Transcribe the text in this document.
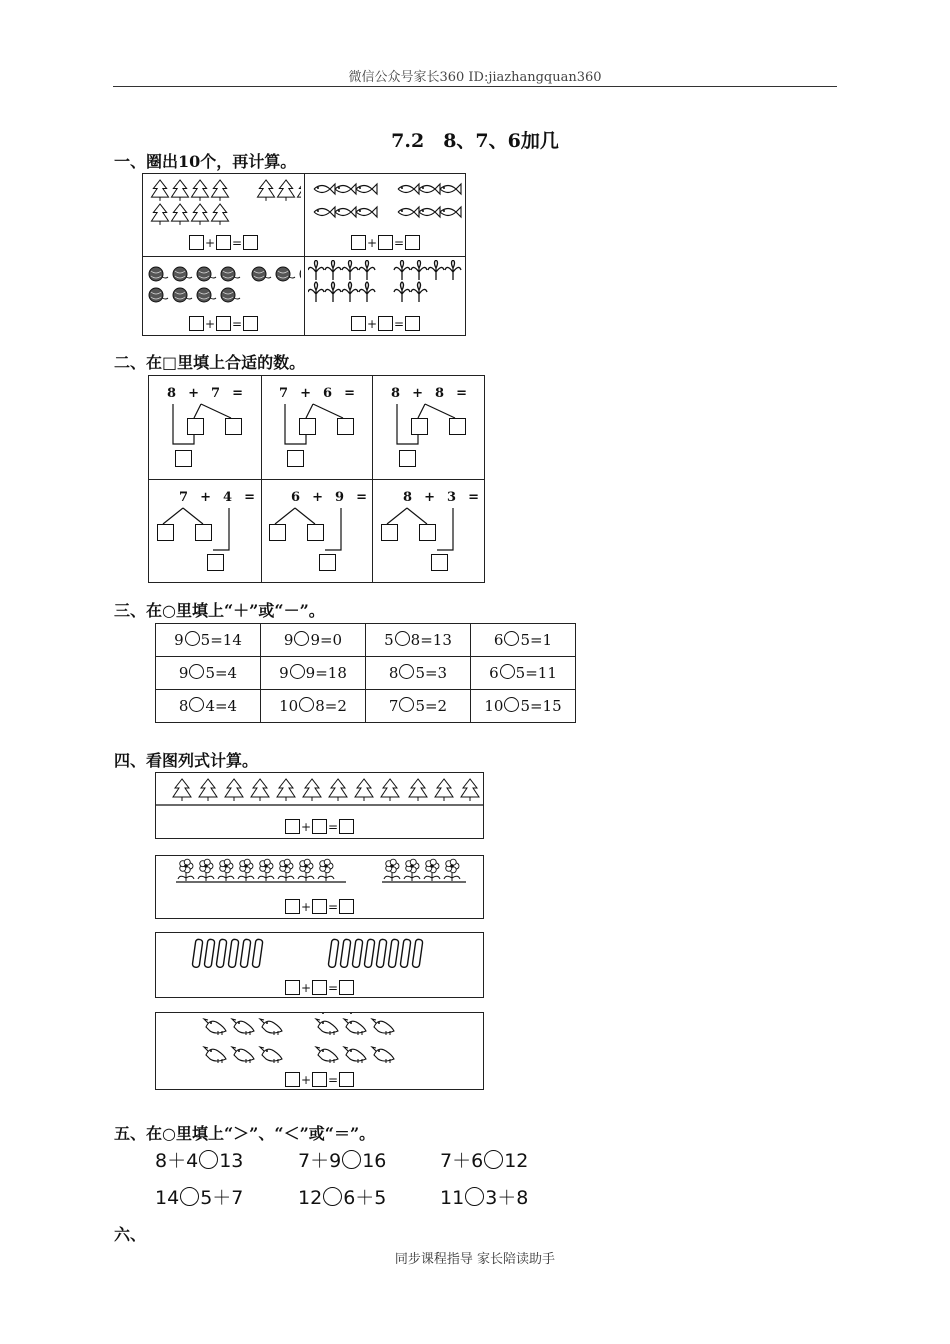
微信公众号家长360 ID:jiazhangquan360
7.2　8、7、6加几
一、圈出10个，再计算。
+ =	+ =
+ =	+ =
二、在□里填上合适的数。
8  +  7  =	7  +  6  =	8  +  8  =
7  +  4  =	6  +  9  =	8  +  3  =
三、在○里填上“＋”或“－”。
9 5=14	9 9=0	5 8=13	6 5=1
9 5=4	9 9=18	8 5=3	6 5=11
8 4=4	10 8=2	7 5=2	10 5=15
四、看图列式计算。
+ =
+ =
+ =
+ =
五、在○里填上“＞”、“＜”或“＝”。
8＋4 13	7＋9 16	7＋6 12
14 5＋7	12 6＋5	11 3＋8
六、
同步课程指导 家长陪读助手
